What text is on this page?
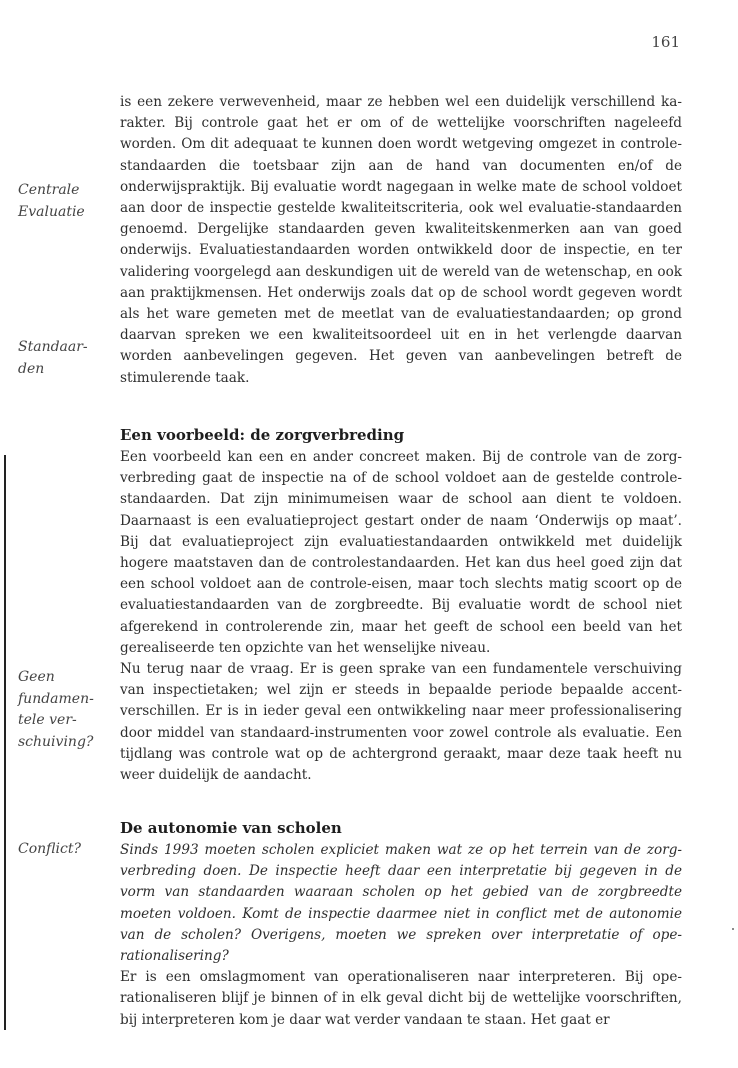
161
Centrale Evaluatie
Standaar-den
Geen fundamen-tele ver-schuiving?
Conflict?

is een zekere verwevenheid, maar ze hebben wel een duidelijk verschillend karakter. Bij controle gaat het er om of de wettelijke voorschriften nageleefd worden. Om dit adequaat te kunnen doen wordt wetgeving omgezet in controle-standaarden die toetsbaar zijn aan de hand van documenten en/of de onderwijspraktijk. Bij evaluatie wordt nagegaan in welke mate de school voldoet aan door de inspectie gestelde kwaliteitscriteria, ook wel evaluatie-standaarden genoemd. Dergelijke standaarden geven kwaliteitskenmerken aan van goed onderwijs. Evaluatiestandaarden worden ontwikkeld door de inspectie, en ter validering voorgelegd aan deskundigen uit de wereld van de wetenschap, en ook aan praktijkmensen. Het onderwijs zoals dat op de school wordt gegeven wordt als het ware gemeten met de meetlat van de evaluatiestandaarden; op grond daarvan spreken we een kwaliteitsoordeel uit en in het verlengde daarvan worden aanbevelingen gegeven. Het geven van aanbevelingen betreft de stimulerende taak.

Een voorbeeld: de zorgverbreding

Een voorbeeld kan een en ander concreet maken. Bij de controle van de zorgverbreding gaat de inspectie na of de school voldoet aan de gestelde controle-standaarden. Dat zijn minimumeisen waar de school aan dient te voldoen. Daarnaast is een evaluatieproject gestart onder de naam ‘Onderwijs op maat’. Bij dat evaluatieproject zijn evaluatiestandaarden ontwikkeld met duidelijk hogere maatstaven dan de controlestandaarden. Het kan dus heel goed zijn dat een school voldoet aan de controle-eisen, maar toch slechts matig scoort op de evaluatiestandaarden van de zorgbreedte. Bij evaluatie wordt de school niet afgerekend in controlerende zin, maar het geeft de school een beeld van het gerealiseerde ten opzichte van het wenselijke niveau.

Nu terug naar de vraag. Er is geen sprake van een fundamentele verschuiving van inspectietaken; wel zijn er steeds in bepaalde periode bepaalde accentverschillen. Er is in ieder geval een ontwikkeling naar meer professionalisering door middel van standaard-instrumenten voor zowel controle als evaluatie. Een tijdlang was controle wat op de achtergrond geraakt, maar deze taak heeft nu weer duidelijk de aandacht.

De autonomie van scholen

Sinds 1993 moeten scholen expliciet maken wat ze op het terrein van de zorgverbreding doen. De inspectie heeft daar een interpretatie bij gegeven in de vorm van standaarden waaraan scholen op het gebied van de zorgbreedte moeten voldoen. Komt de inspectie daarmee niet in conflict met de autonomie van de scholen? Overigens, moeten we spreken over interpretatie of operationalisering?

Er is een omslagmoment van operationaliseren naar interpreteren. Bij operationaliseren blijf je binnen of in elk geval dicht bij de wettelijke voorschriften, bij interpreteren kom je daar wat verder vandaan te staan. Het gaat er
